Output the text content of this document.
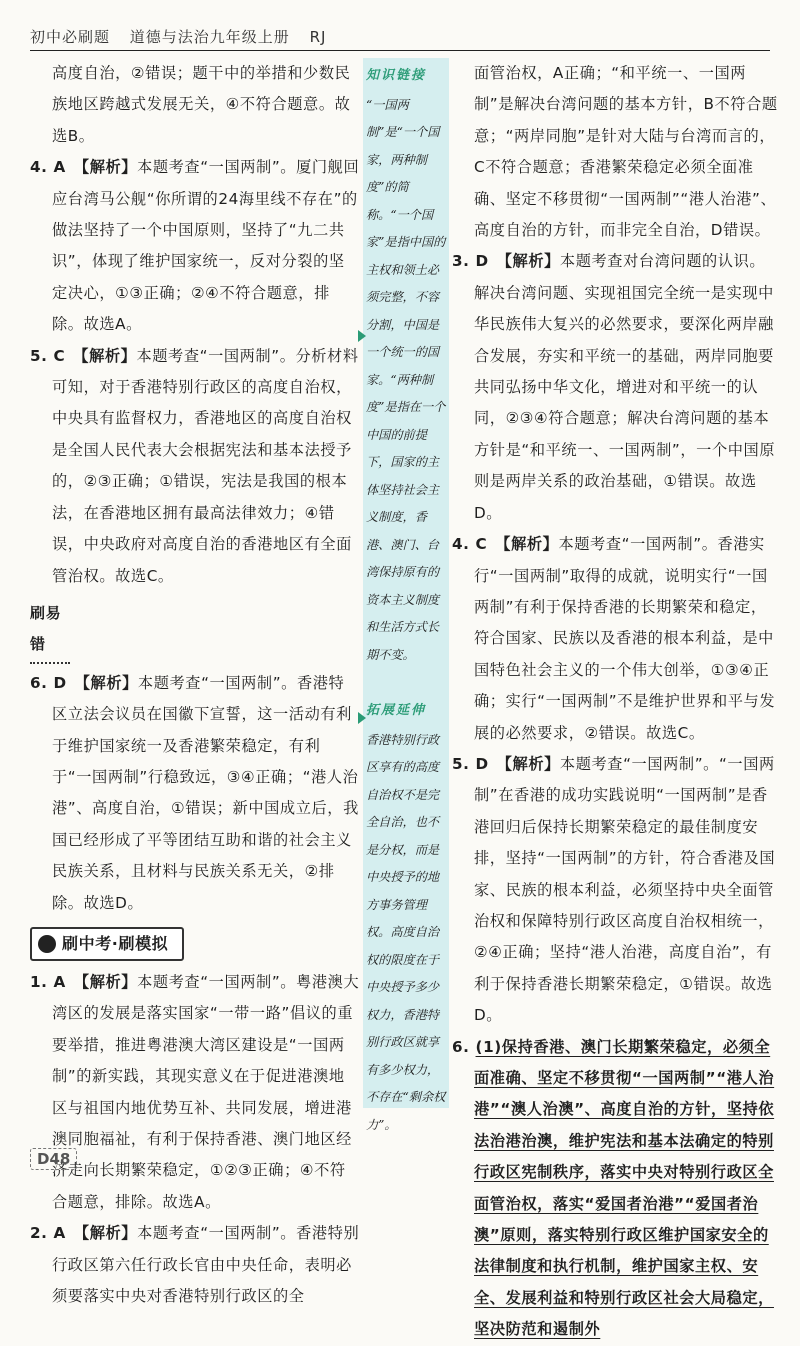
初中必刷题 道德与法治九年级上册 RJ
高度自治，②错误；题干中的举措和少数民族地区跨越式发展无关，④不符合题意。故选B。
4. A 【解析】本题考查“一国两制”。厦门舰回应台湾马公舰“你所谓的24海里线不存在”的做法坚持了一个中国原则，坚持了“九二共识”，体现了维护国家统一，反对分裂的坚定决心，①③正确；②④不符合题意，排除。故选A。
5. C 【解析】本题考查“一国两制”。分析材料可知，对于香港特别行政区的高度自治权，中央具有监督权力，香港地区的高度自治权是全国人民代表大会根据宪法和基本法授予的，②③正确；①错误，宪法是我国的根本法，在香港地区拥有最高法律效力；④错误，中央政府对高度自治的香港地区有全面管治权。故选C。
刷易错
6. D 【解析】本题考查“一国两制”。香港特区立法会议员在国徽下宣誓，这一活动有利于维护国家统一及香港繁荣稳定，有利于“一国两制”行稳致远，③④正确；“港人治港”、高度自治，①错误；新中国成立后，我国已经形成了平等团结互助和谐的社会主义民族关系，且材料与民族关系无关，②排除。故选D。
刷中考·刷模拟
1. A 【解析】本题考查“一国两制”。粤港澳大湾区的发展是落实国家“一带一路”倡议的重要举措，推进粤港澳大湾区建设是“一国两制”的新实践，其现实意义在于促进港澳地区与祖国内地优势互补、共同发展，增进港澳同胞福祉，有利于保持香港、澳门地区经济走向长期繁荣稳定，①②③正确；④不符合题意，排除。故选A。
2. A 【解析】本题考查“一国两制”。香港特别行政区第六任行政长官由中央任命，表明必须要落实中央对香港特别行政区的全
知识链接
“一国两制”是“一个国家，两种制度”的简称。“一个国家”是指中国的主权和领土必须完整，不容分割，中国是一个统一的国家。“两种制度”是指在一个中国的前提下，国家的主体坚持社会主义制度，香港、澳门、台湾保持原有的资本主义制度和生活方式长期不变。
拓展延伸
香港特别行政区享有的高度自治权不是完全自治，也不是分权，而是中央授予的地方事务管理权。高度自治权的限度在于中央授予多少权力，香港特别行政区就享有多少权力，不存在“剩余权力”。
面管治权，A正确；“和平统一、一国两制”是解决台湾问题的基本方针，B不符合题意；“两岸同胞”是针对大陆与台湾而言的，C不符合题意；香港繁荣稳定必须全面准确、坚定不移贯彻“一国两制”“港人治港”、高度自治的方针，而非完全自治，D错误。
3. D 【解析】本题考查对台湾问题的认识。解决台湾问题、实现祖国完全统一是实现中华民族伟大复兴的必然要求，要深化两岸融合发展，夯实和平统一的基础，两岸同胞要共同弘扬中华文化，增进对和平统一的认同，②③④符合题意；解决台湾问题的基本方针是“和平统一、一国两制”，一个中国原则是两岸关系的政治基础，①错误。故选D。
4. C 【解析】本题考查“一国两制”。香港实行“一国两制”取得的成就，说明实行“一国两制”有利于保持香港的长期繁荣和稳定，符合国家、民族以及香港的根本利益，是中国特色社会主义的一个伟大创举，①③④正确；实行“一国两制”不是维护世界和平与发展的必然要求，②错误。故选C。
5. D 【解析】本题考查“一国两制”。“一国两制”在香港的成功实践说明“一国两制”是香港回归后保持长期繁荣稳定的最佳制度安排，坚持“一国两制”的方针，符合香港及国家、民族的根本利益，必须坚持中央全面管治权和保障特别行政区高度自治权相统一，②④正确；坚持“港人治港，高度自治”，有利于保持香港长期繁荣稳定，①错误。故选D。
6. (1)保持香港、澳门长期繁荣稳定，必须全面准确、坚定不移贯彻“一国两制”“港人治港”“澳人治澳”、高度自治的方针，坚持依法治港治澳，维护宪法和基本法确定的特别行政区宪制秩序，落实中央对特别行政区全面管治权，落实“爱国者治港”“爱国者治澳”原则，落实特别行政区维护国家安全的法律制度和执行机制，维护国家主权、安全、发展利益和特别行政区社会大局稳定，坚决防范和遏制外
D48
